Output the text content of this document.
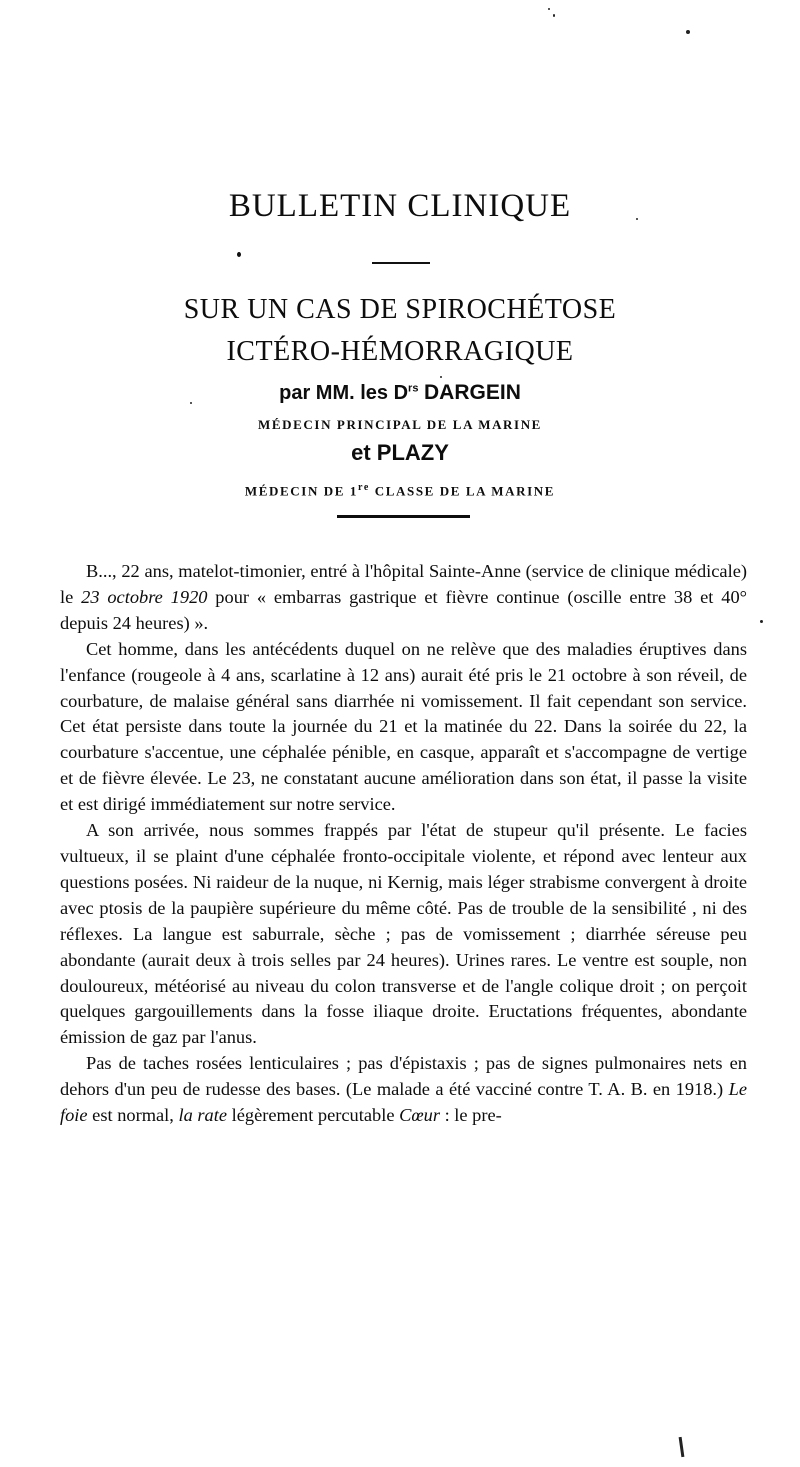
BULLETIN CLINIQUE
SUR UN CAS DE SPIROCHÉTOSE
ICTÉRO-HÉMORRAGIQUE
par MM. les $D^{rs}$ DARGEIN
MÉDECIN PRINCIPAL DE LA MARINE
et PLAZY
MÉDECIN DE 1re CLASSE DE LA MARINE

B..., 22 ans, matelot-timonier, entré à l'hôpital Sainte-Anne (service de clinique médicale) le 23 octobre 1920 pour « embarras gastrique et fièvre continue (oscille entre 38 et 40° depuis 24 heures) ».

Cet homme, dans les antécédents duquel on ne relève que des maladies éruptives dans l'enfance (rougeole à 4 ans, scarlatine à 12 ans) aurait été pris le 21 octobre à son réveil, de courbature, de malaise général sans diarrhée ni vomissement. Il fait cependant son service. Cet état persiste dans toute la journée du 21 et la matinée du 22. Dans la soirée du 22, la courbature s'accentue, une céphalée pénible, en casque, apparaît et s'accompagne de vertige et de fièvre élevée. Le 23, ne constatant aucune amélioration dans son état, il passe la visite et est dirigé immédiatement sur notre service.

A son arrivée, nous sommes frappés par l'état de stupeur qu'il présente. Le facies vultueux, il se plaint d'une céphalée fronto-occipitale violente, et répond avec lenteur aux questions posées. Ni raideur de la nuque, ni Kernig, mais léger strabisme convergent à droite avec ptosis de la paupière supérieure du même côté. Pas de trouble de la sensibilité , ni des réflexes. La langue est saburrale, sèche ; pas de vomissement ; diarrhée séreuse peu abondante (aurait deux à trois selles par 24 heures). Urines rares. Le ventre est souple, non douloureux, météorisé au niveau du colon transverse et de l'angle colique droit ; on perçoit quelques gargouillements dans la fosse iliaque droite. Eructations fréquentes, abondante émission de gaz par l'anus.

Pas de taches rosées lenticulaires ; pas d'épistaxis ; pas de signes pulmonaires nets en dehors d'un peu de rudesse des bases. (Le malade a été vacciné contre T. A. B. en 1918.) Le foie est normal, la rate légèrement percutable Cœur : le pre-
